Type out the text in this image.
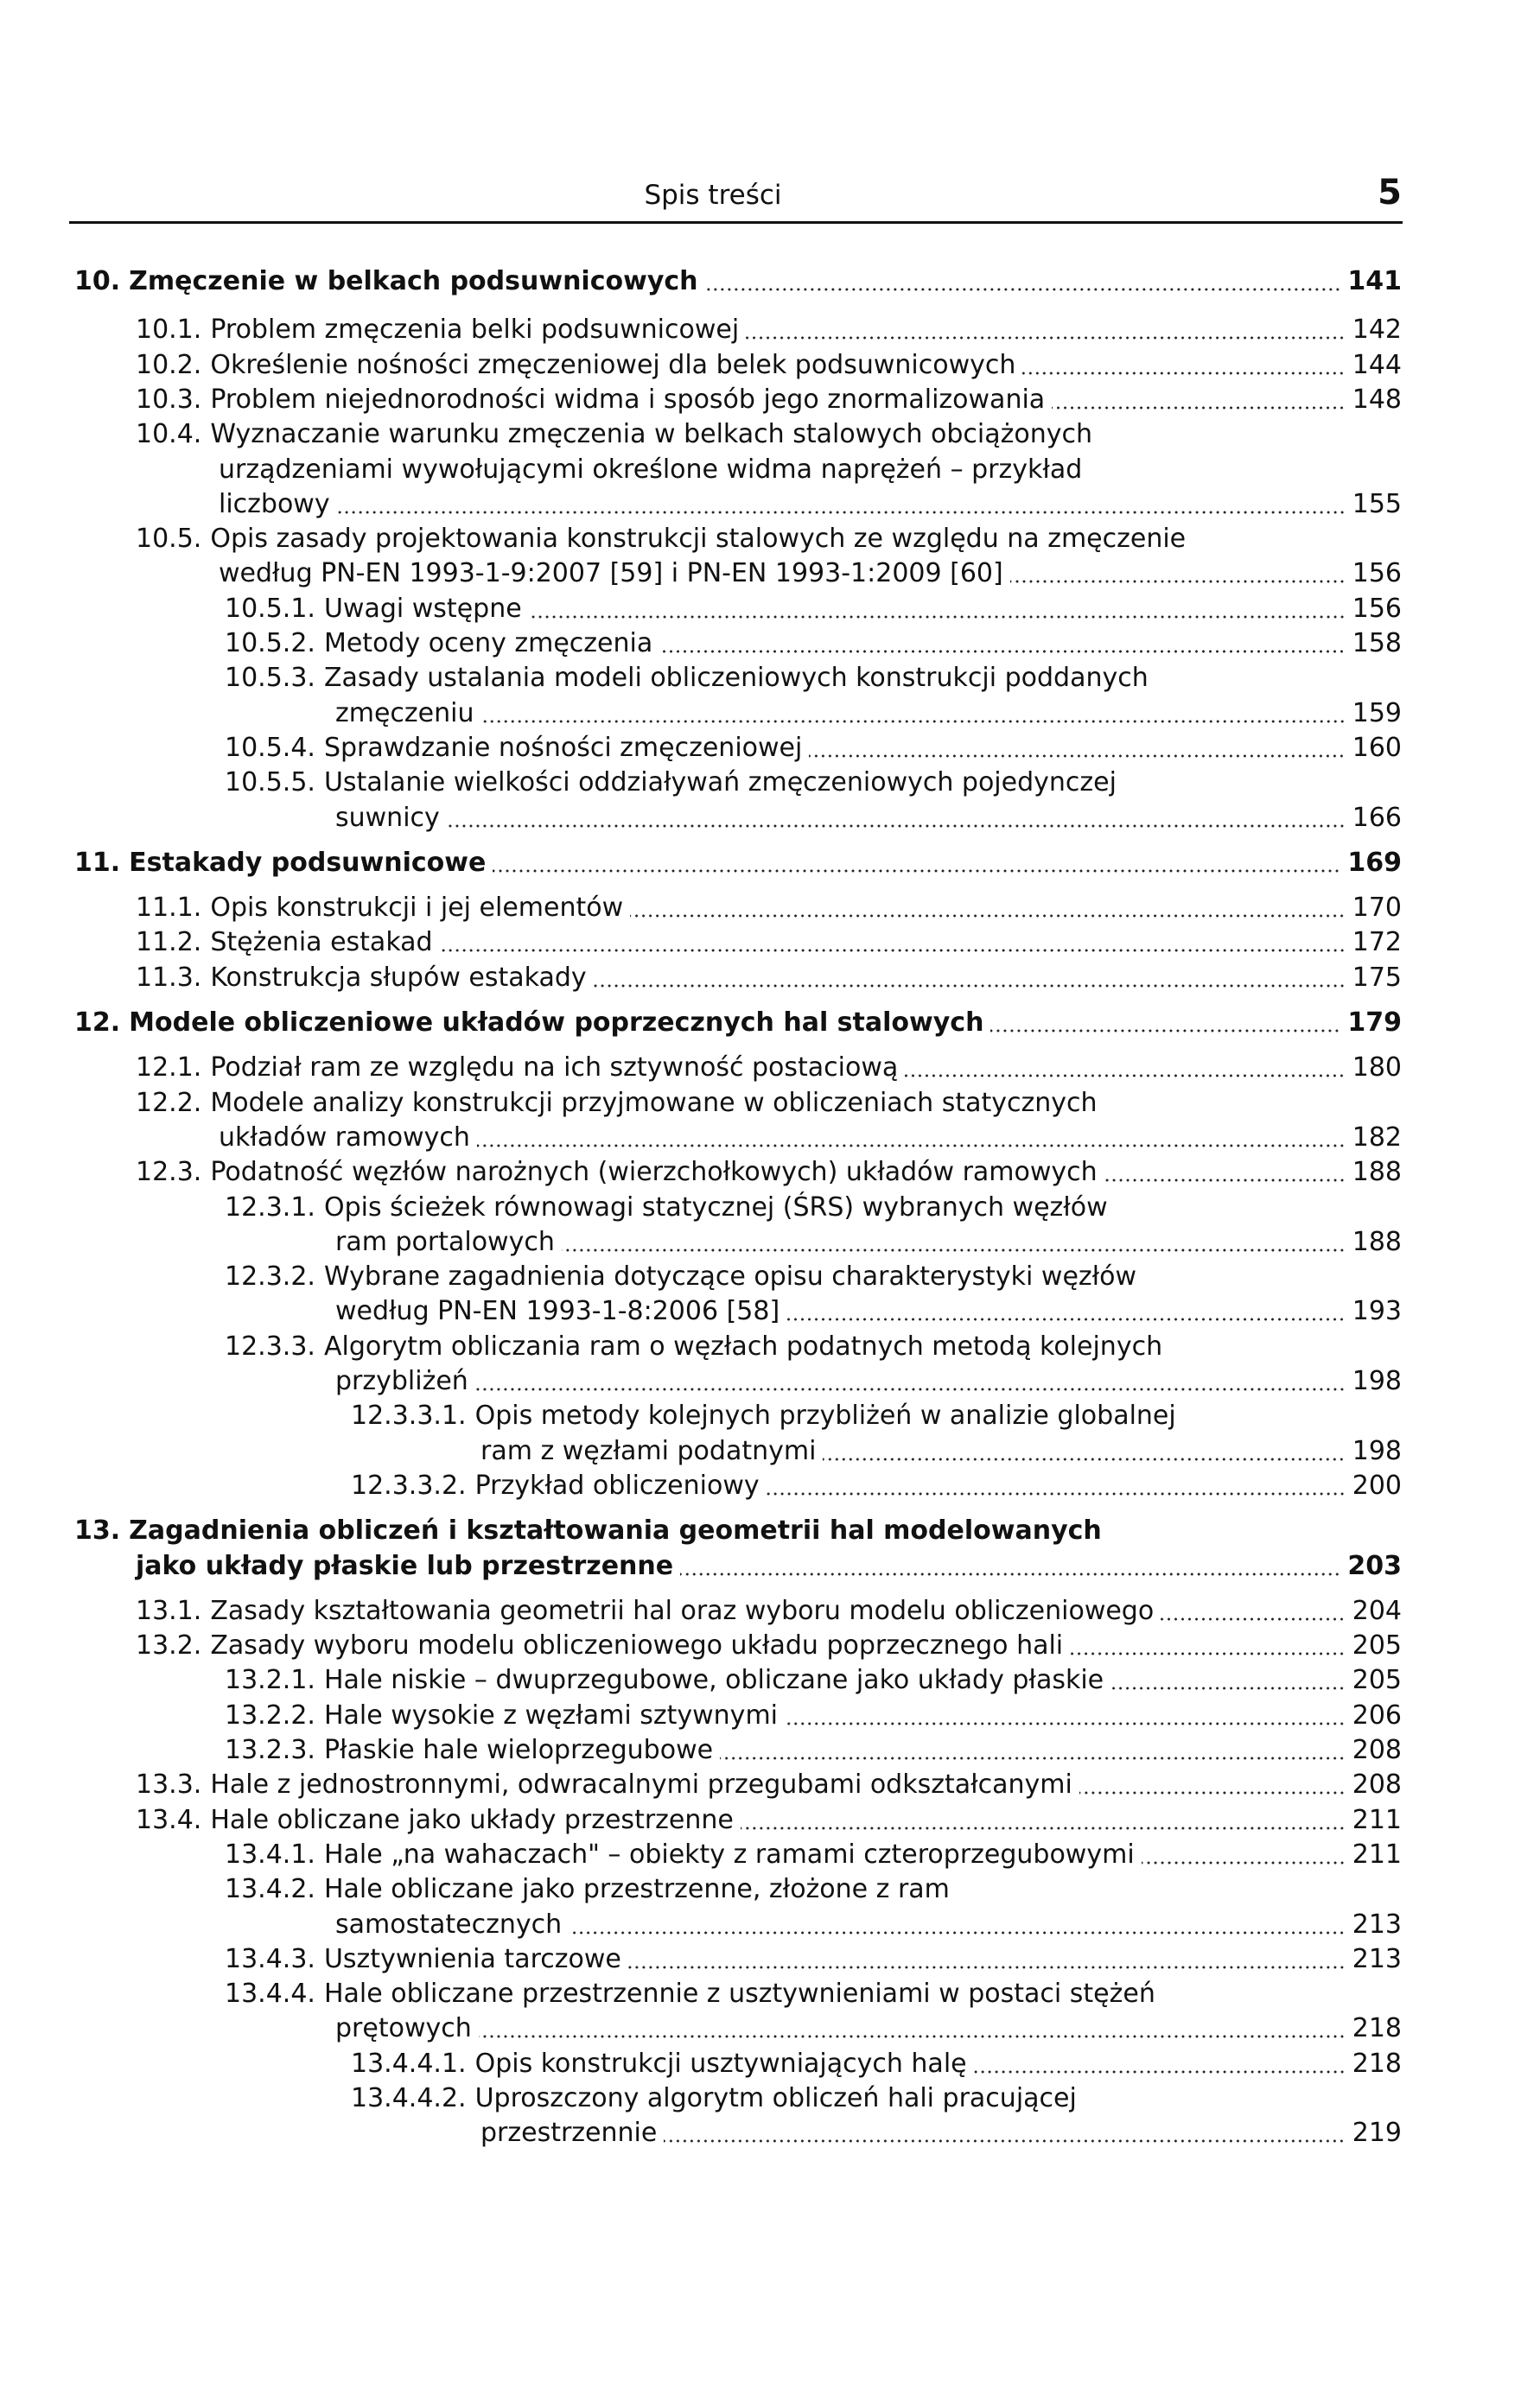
Spis treści	5
10. Zmęczenie w belkach podsuwnicowych	141
10.1. Problem zmęczenia belki podsuwnicowej	142
10.2. Określenie nośności zmęczeniowej dla belek podsuwnicowych	144
10.3. Problem niejednorodności widma i sposób jego znormalizowania	148
10.4. Wyznaczanie warunku zmęczenia w belkach stalowych obciążonych
urządzeniami wywołującymi określone widma naprężeń – przykład
liczbowy	155
10.5. Opis zasady projektowania konstrukcji stalowych ze względu na zmęczenie
według PN-EN 1993-1-9:2007 [59] i PN-EN 1993-1:2009 [60]	156
10.5.1. Uwagi wstępne	156
10.5.2. Metody oceny zmęczenia	158
10.5.3. Zasady ustalania modeli obliczeniowych konstrukcji poddanych
zmęczeniu	159
10.5.4. Sprawdzanie nośności zmęczeniowej	160
10.5.5. Ustalanie wielkości oddziaływań zmęczeniowych pojedynczej
suwnicy	166
11. Estakady podsuwnicowe	169
11.1. Opis konstrukcji i jej elementów	170
11.2. Stężenia estakad	172
11.3. Konstrukcja słupów estakady	175
12. Modele obliczeniowe układów poprzecznych hal stalowych	179
12.1. Podział ram ze względu na ich sztywność postaciową	180
12.2. Modele analizy konstrukcji przyjmowane w obliczeniach statycznych
układów ramowych	182
12.3. Podatność węzłów narożnych (wierzchołkowych) układów ramowych	188
12.3.1. Opis ścieżek równowagi statycznej (ŚRS) wybranych węzłów
ram portalowych	188
12.3.2. Wybrane zagadnienia dotyczące opisu charakterystyki węzłów
według PN-EN 1993-1-8:2006 [58]	193
12.3.3. Algorytm obliczania ram o węzłach podatnych metodą kolejnych
przybliżeń	198
12.3.3.1. Opis metody kolejnych przybliżeń w analizie globalnej
ram z węzłami podatnymi	198
12.3.3.2. Przykład obliczeniowy	200
13. Zagadnienia obliczeń i kształtowania geometrii hal modelowanych
jako układy płaskie lub przestrzenne	203
13.1. Zasady kształtowania geometrii hal oraz wyboru modelu obliczeniowego	204
13.2. Zasady wyboru modelu obliczeniowego układu poprzecznego hali	205
13.2.1. Hale niskie – dwuprzegubowe, obliczane jako układy płaskie	205
13.2.2. Hale wysokie z węzłami sztywnymi	206
13.2.3. Płaskie hale wieloprzegubowe	208
13.3. Hale z jednostronnymi, odwracalnymi przegubami odkształcanymi	208
13.4. Hale obliczane jako układy przestrzenne	211
13.4.1. Hale „na wahaczach" – obiekty z ramami czteroprzegubowymi	211
13.4.2. Hale obliczane jako przestrzenne, złożone z ram
samostatecznych	213
13.4.3. Usztywnienia tarczowe	213
13.4.4. Hale obliczane przestrzennie z usztywnieniami w postaci stężeń
prętowych	218
13.4.4.1. Opis konstrukcji usztywniających halę	218
13.4.4.2. Uproszczony algorytm obliczeń hali pracującej
przestrzennie	219
